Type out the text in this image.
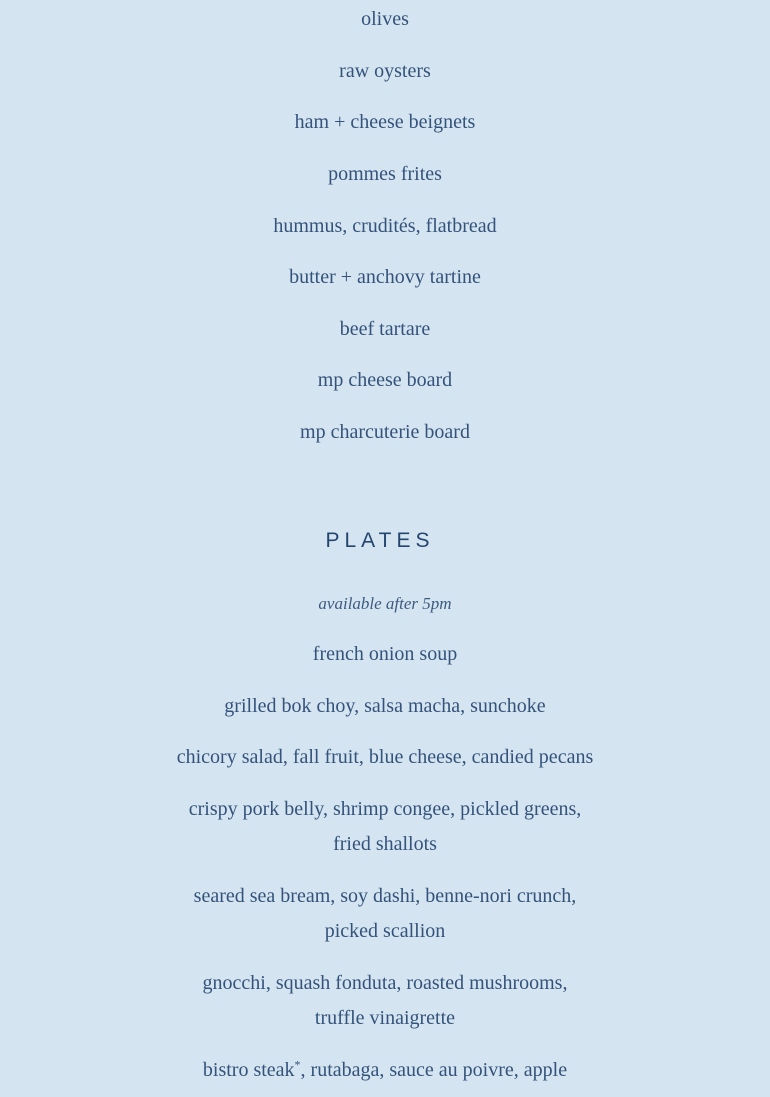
olives
raw oysters
ham + cheese beignets
pommes frites
hummus, crudités, flatbread
butter + anchovy tartine
beef tartare
mp cheese board
mp charcuterie board
PLATES
available after 5pm
french onion soup
grilled bok choy, salsa macha, sunchoke
chicory salad, fall fruit, blue cheese, candied pecans
crispy pork belly, shrimp congee, pickled greens,
fried shallots
seared sea bream, soy dashi, benne-nori crunch,
picked scallion
gnocchi, squash fonduta, roasted mushrooms,
truffle vinaigrette
bistro steak*, rutabaga, sauce au poivre, apple
